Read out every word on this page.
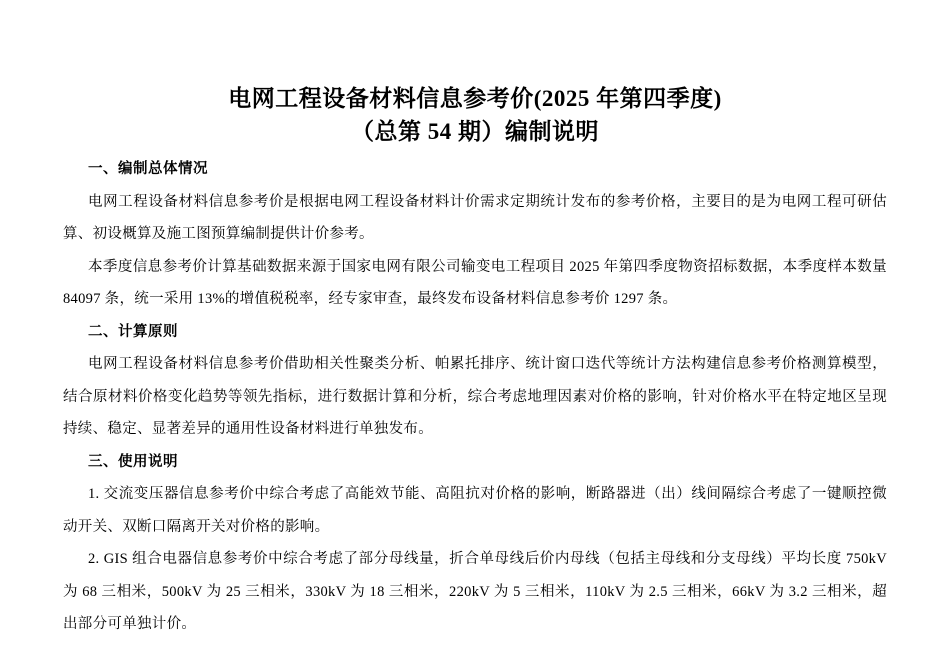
电网工程设备材料信息参考价(2025 年第四季度)
（总第 54 期）编制说明
一、编制总体情况

电网工程设备材料信息参考价是根据电网工程设备材料计价需求定期统计发布的参考价格，主要目的是为电网工程可研估算、初设概算及施工图预算编制提供计价参考。

本季度信息参考价计算基础数据来源于国家电网有限公司输变电工程项目 2025 年第四季度物资招标数据，本季度样本数量 84097 条，统一采用 13%的增值税税率，经专家审查，最终发布设备材料信息参考价 1297 条。

二、计算原则

电网工程设备材料信息参考价借助相关性聚类分析、帕累托排序、统计窗口迭代等统计方法构建信息参考价格测算模型，结合原材料价格变化趋势等领先指标，进行数据计算和分析，综合考虑地理因素对价格的影响，针对价格水平在特定地区呈现持续、稳定、显著差异的通用性设备材料进行单独发布。

三、使用说明

1. 交流变压器信息参考价中综合考虑了高能效节能、高阻抗对价格的影响，断路器进（出）线间隔综合考虑了一键顺控微动开关、双断口隔离开关对价格的影响。

2. GIS 组合电器信息参考价中综合考虑了部分母线量，折合单母线后价内母线（包括主母线和分支母线）平均长度 750kV 为 68 三相米，500kV 为 25 三相米，330kV 为 18 三相米，220kV 为 5 三相米，110kV 为 2.5 三相米，66kV 为 3.2 三相米，超出部分可单独计价。
